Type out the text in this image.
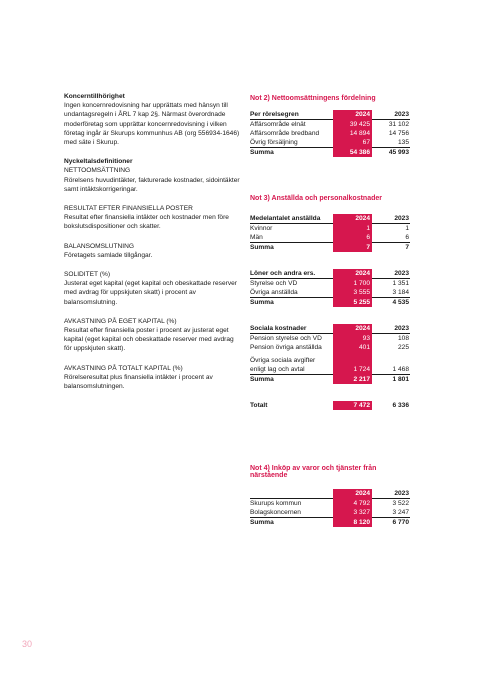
Koncerntillhörighet

Ingen koncernredovisning har upprättats med hänsyn till undantagsregeln i ÅRL 7 kap 2§. Närmast överordnade moderföretag som upprättar koncernredovisning i vilken företag ingår är Skurups kommunhus AB (org 556934-1646) med säte i Skurup.

Nyckeltalsdefinitioner

NETTOOMSÄTTNING

Rörelsens huvudintäkter, fakturerade kostnader, sidointäkter samt intäktskorrigeringar.

RESULTAT EFTER FINANSIELLA POSTER

Resultat efter finansiella intäkter och kostnader men före bokslutsdispositioner och skatter.

BALANSOMSLUTNING

Företagets samlade tillgångar.

SOLIDITET (%)

Justerat eget kapital (eget kapital och obeskattade reserver med avdrag för uppskjuten skatt) i procent av balansomslutning.

AVKASTNING PÅ EGET KAPITAL (%)

Resultat efter finansiella poster i procent av justerat eget kapital (eget kapital och obeskattade reserver med avdrag för uppskjuten skatt).

AVKASTNING PÅ TOTALT KAPITAL (%)

Rörelseresultat plus finansiella intäkter i procent av balansomslutningen.

Not 2) Nettoomsättningens fördelning
Per rörelsegren	2024	2023
Affärsområde elnät	39 425	31 102
Affärsområde bredband	14 894	14 756
Övrig försäljning	67	135
Summa	54 386	45 993
Not 3) Anställda och personalkostnader
Medelantalet anställda	2024	2023
Kvinnor	1	1
Män	6	6
Summa	7	7
Löner och andra ers.	2024	2023
Styrelse och VD	1 700	1 351
Övriga anställda	3 555	3 184
Summa	5 255	4 535
Sociala kostnader	2024	2023
Pension styrelse och VD	93	108
Pension övriga anställda	401	225

Övriga sociala avgifter		
enligt lag och avtal	1 724	1 468
Summa	2 217	1 801
Totalt	7 472	6 336
Not 4) Inköp av varor och tjänster från närstående
	2024	2023
Skurups kommun	4 792	3 522
Bolagskoncernen	3 327	3 247
Summa	8 120	6 770
30
